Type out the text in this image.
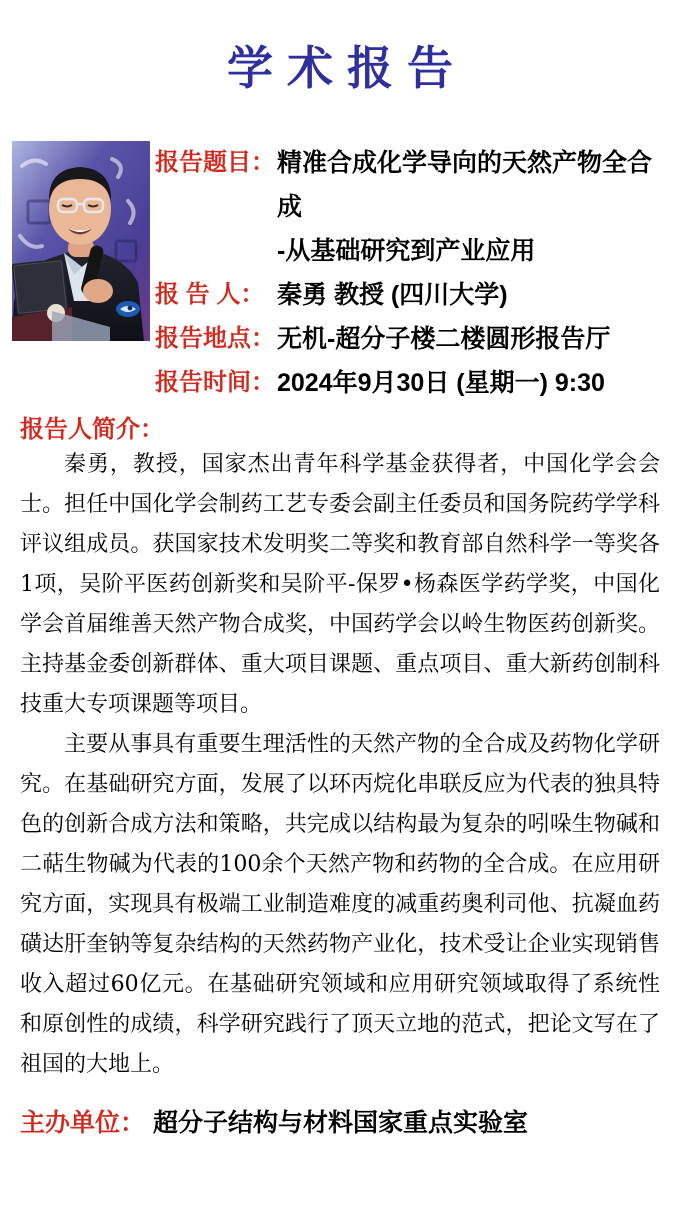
学术报告
报告题目： 精准合成化学导向的天然产物全合成
-从基础研究到产业应用
报 告 人： 秦勇 教授 (四川大学)
报告地点： 无机-超分子楼二楼圆形报告厅
报告时间： 2024年9月30日 (星期一) 9:30
报告人简介：

秦勇，教授，国家杰出青年科学基金获得者，中国化学会会士。担任中国化学会制药工艺专委会副主任委员和国务院药学学科评议组成员。获国家技术发明奖二等奖和教育部自然科学一等奖各1项，吴阶平医药创新奖和吴阶平-保罗•杨森医学药学奖，中国化学会首届维善天然产物合成奖，中国药学会以岭生物医药创新奖。主持基金委创新群体、重大项目课题、重点项目、重大新药创制科技重大专项课题等项目。

主要从事具有重要生理活性的天然产物的全合成及药物化学研究。在基础研究方面，发展了以环丙烷化串联反应为代表的独具特色的创新合成方法和策略，共完成以结构最为复杂的吲哚生物碱和二萜生物碱为代表的100余个天然产物和药物的全合成。在应用研究方面，实现具有极端工业制造难度的减重药奥利司他、抗凝血药磺达肝奎钠等复杂结构的天然药物产业化，技术受让企业实现销售收入超过60亿元。在基础研究领域和应用研究领域取得了系统性和原创性的成绩，科学研究践行了顶天立地的范式，把论文写在了祖国的大地上。

主办单位： 超分子结构与材料国家重点实验室
